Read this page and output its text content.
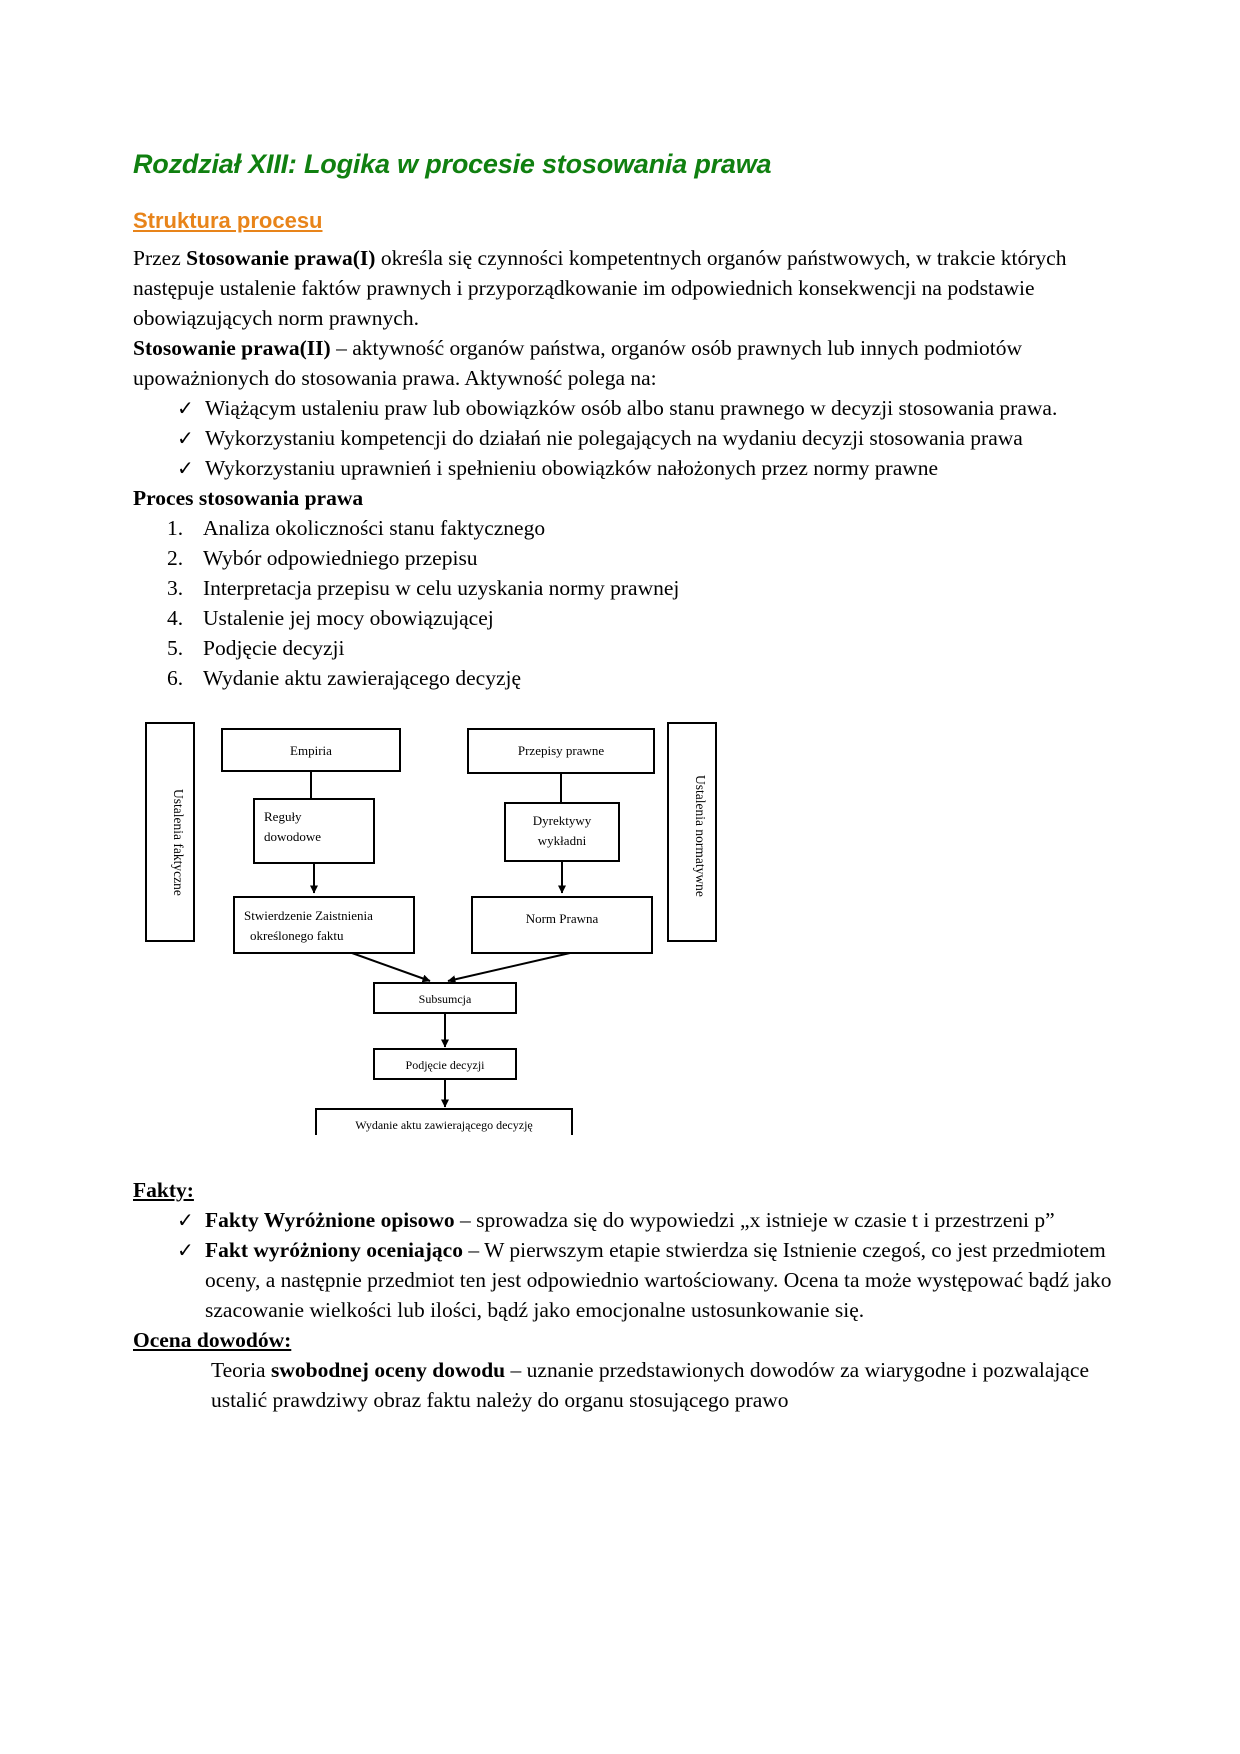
Rozdział XIII: Logika w procesie stosowania prawa
Struktura procesu

Przez Stosowanie prawa(I) określa się czynności kompetentnych organów państwowych, w trakcie których następuje ustalenie faktów prawnych i przyporządkowanie im odpowiednich konsekwencji na podstawie obowiązujących norm prawnych.

Stosowanie prawa(II) – aktywność organów państwa, organów osób prawnych lub innych podmiotów upoważnionych do stosowania prawa. Aktywność polega na:

✓ Wiążącym ustaleniu praw lub obowiązków osób albo stanu prawnego w decyzji stosowania prawa.
✓ Wykorzystaniu kompetencji do działań nie polegających na wydaniu decyzji stosowania prawa
✓ Wykorzystaniu uprawnień i spełnieniu obowiązków nałożonych przez normy prawne

Proces stosowania prawa

1. Analiza okoliczności stanu faktycznego
2. Wybór odpowiedniego przepisu
3. Interpretacja przepisu w celu uzyskania normy prawnej
4. Ustalenie jej mocy obowiązującej
5. Podjęcie decyzji
6. Wydanie aktu zawierającego decyzję
Ustalenia faktyczne	Ustalenia normatywne
Empiria
Reguły
dowodowe
Stwierdzenie Zaistnienia
określonego faktu
Przepisy prawne
Dyrektywy
wykładni
Norm Prawna
Subsumcja
Podjęcie decyzji
Wydanie aktu zawierającego decyzję

Fakty:

✓ Fakty Wyróżnione opisowo – sprowadza się do wypowiedzi „x istnieje w czasie t i przestrzeni p”
✓ Fakt wyróżniony oceniająco – W pierwszym etapie stwierdza się Istnienie czegoś, co jest przedmiotem oceny, a następnie przedmiot ten jest odpowiednio wartościowany. Ocena ta może występować bądź jako szacowanie wielkości lub ilości, bądź jako emocjonalne ustosunkowanie się.

Ocena dowodów:

Teoria swobodnej oceny dowodu – uznanie przedstawionych dowodów za wiarygodne i pozwalające ustalić prawdziwy obraz faktu należy do organu stosującego prawo
